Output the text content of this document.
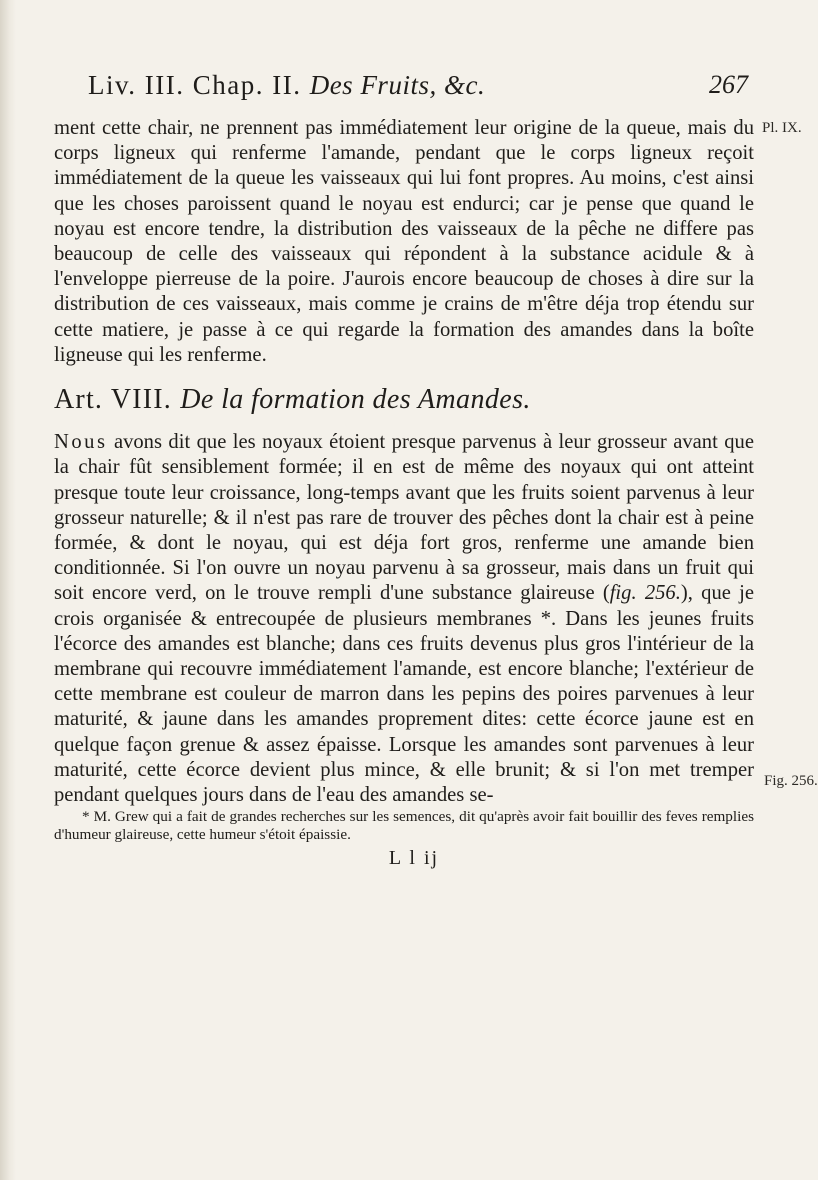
Liv. III. Chap. II. Des Fruits, &c.	267
Pl. IX.
Fig. 256.

ment cette chair, ne prennent pas immédiatement leur origine de la queue, mais du corps ligneux qui renferme l'amande, pendant que le corps ligneux reçoit immédiatement de la queue les vaisseaux qui lui font propres. Au moins, c'est ainsi que les choses paroissent quand le noyau est endurci; car je pense que quand le noyau est encore tendre, la distribution des vaisseaux de la pêche ne differe pas beaucoup de celle des vaisseaux qui répondent à la substance acidule & à l'enveloppe pierreuse de la poire. J'aurois encore beaucoup de choses à dire sur la distribution de ces vaisseaux, mais comme je crains de m'être déja trop étendu sur cette matiere, je passe à ce qui regarde la formation des amandes dans la boîte ligneuse qui les renferme.

Art. VIII. De la formation des Amandes.

Nous avons dit que les noyaux étoient presque parvenus à leur grosseur avant que la chair fût sensiblement formée; il en est de même des noyaux qui ont atteint presque toute leur croissance, long-temps avant que les fruits soient parvenus à leur grosseur naturelle; & il n'est pas rare de trouver des pêches dont la chair est à peine formée, & dont le noyau, qui est déja fort gros, renferme une amande bien conditionnée. Si l'on ouvre un noyau parvenu à sa grosseur, mais dans un fruit qui soit encore verd, on le trouve rempli d'une substance glaireuse (fig. 256.), que je crois organisée & entrecoupée de plusieurs membranes *. Dans les jeunes fruits l'écorce des amandes est blanche; dans ces fruits devenus plus gros l'intérieur de la membrane qui recouvre immédiatement l'amande, est encore blanche; l'extérieur de cette membrane est couleur de marron dans les pepins des poires parvenues à leur maturité, & jaune dans les amandes proprement dites: cette écorce jaune est en quelque façon grenue & assez épaisse. Lorsque les amandes sont parvenues à leur maturité, cette écorce devient plus mince, & elle brunit; & si l'on met tremper pendant quelques jours dans de l'eau des amandes se-

* M. Grew qui a fait de grandes recherches sur les semences, dit qu'après avoir fait bouillir des feves remplies d'humeur glaireuse, cette humeur s'étoit épaissie.

L l ij
